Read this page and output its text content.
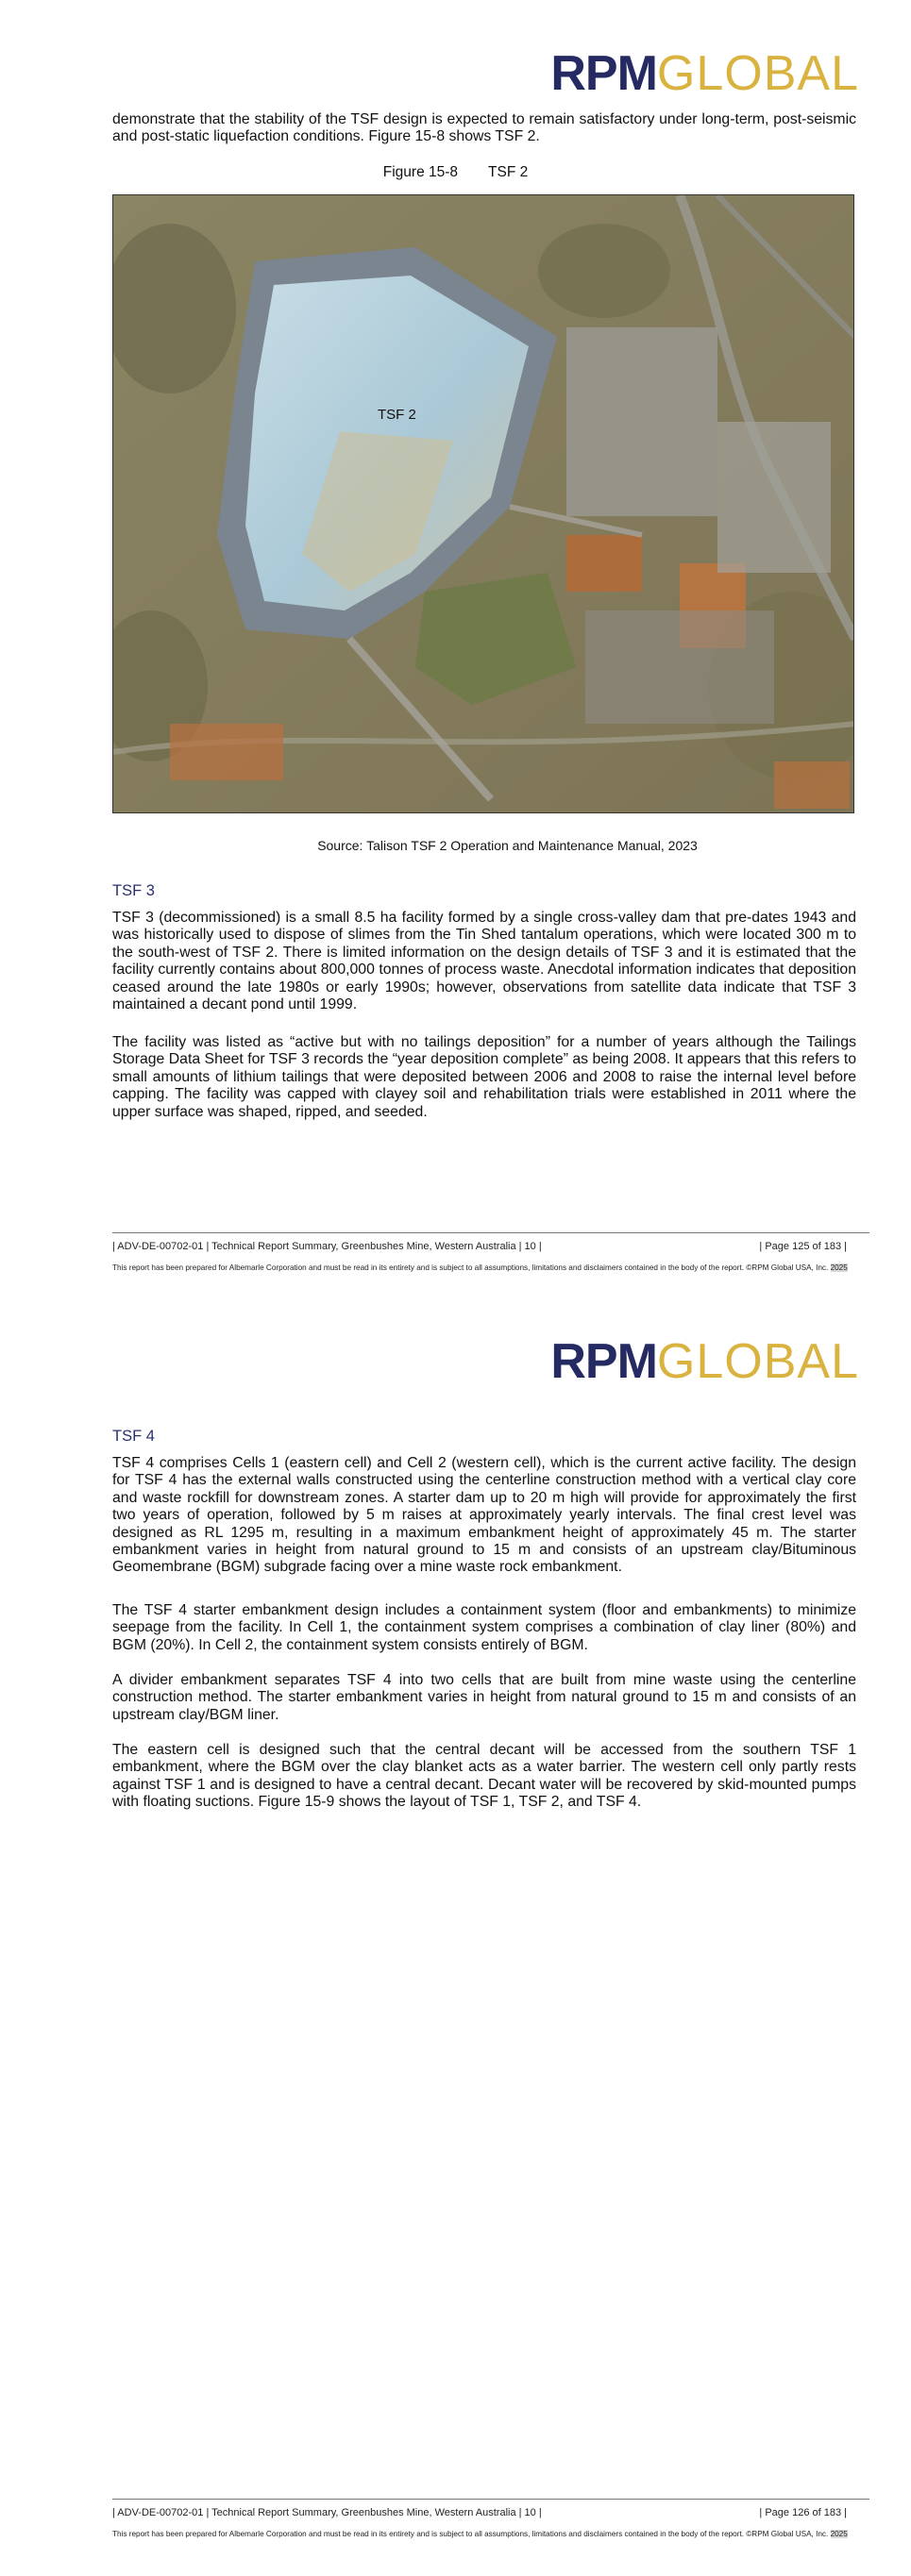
RPMGLOBAL
demonstrate that the stability of the TSF design is expected to remain satisfactory under long-term, post-seismic and post-static liquefaction conditions. Figure 15-8 shows TSF 2.
Figure 15-8 TSF 2
TSF 2
Source: Talison TSF 2 Operation and Maintenance Manual, 2023
TSF 3
TSF 3 (decommissioned) is a small 8.5 ha facility formed by a single cross-valley dam that pre-dates 1943 and was historically used to dispose of slimes from the Tin Shed tantalum operations, which were located 300 m to the south-west of TSF 2. There is limited information on the design details of TSF 3 and it is estimated that the facility currently contains about 800,000 tonnes of process waste. Anecdotal information indicates that deposition ceased around the late 1980s or early 1990s; however, observations from satellite data indicate that TSF 3 maintained a decant pond until 1999.
The facility was listed as “active but with no tailings deposition” for a number of years although the Tailings Storage Data Sheet for TSF 3 records the “year deposition complete” as being 2008. It appears that this refers to small amounts of lithium tailings that were deposited between 2006 and 2008 to raise the internal level before capping. The facility was capped with clayey soil and rehabilitation trials were established in 2011 where the upper surface was shaped, ripped, and seeded.
| ADV-DE-00702-01 | Technical Report Summary, Greenbushes Mine, Western Australia | 10 |	| Page 125 of 183 |
This report has been prepared for Albemarle Corporation and must be read in its entirety and is subject to all assumptions, limitations and disclaimers contained in the body of the report. ©RPM Global USA, Inc. 2025
RPMGLOBAL
TSF 4
TSF 4 comprises Cells 1 (eastern cell) and Cell 2 (western cell), which is the current active facility. The design for TSF 4 has the external walls constructed using the centerline construction method with a vertical clay core and waste rockfill for downstream zones. A starter dam up to 20 m high will provide for approximately the first two years of operation, followed by 5 m raises at approximately yearly intervals. The final crest level was designed as RL 1295 m, resulting in a maximum embankment height of approximately 45 m. The starter embankment varies in height from natural ground to 15 m and consists of an upstream clay/Bituminous Geomembrane (BGM) subgrade facing over a mine waste rock embankment.
The TSF 4 starter embankment design includes a containment system (floor and embankments) to minimize seepage from the facility. In Cell 1, the containment system comprises a combination of clay liner (80%) and BGM (20%). In Cell 2, the containment system consists entirely of BGM.
A divider embankment separates TSF 4 into two cells that are built from mine waste using the centerline construction method. The starter embankment varies in height from natural ground to 15 m and consists of an upstream clay/BGM liner.
The eastern cell is designed such that the central decant will be accessed from the southern TSF 1 embankment, where the BGM over the clay blanket acts as a water barrier. The western cell only partly rests against TSF 1 and is designed to have a central decant. Decant water will be recovered by skid-mounted pumps with floating suctions. Figure 15-9 shows the layout of TSF 1, TSF 2, and TSF 4.
| ADV-DE-00702-01 | Technical Report Summary, Greenbushes Mine, Western Australia | 10 |	| Page 126 of 183 |
This report has been prepared for Albemarle Corporation and must be read in its entirety and is subject to all assumptions, limitations and disclaimers contained in the body of the report. ©RPM Global USA, Inc. 2025
